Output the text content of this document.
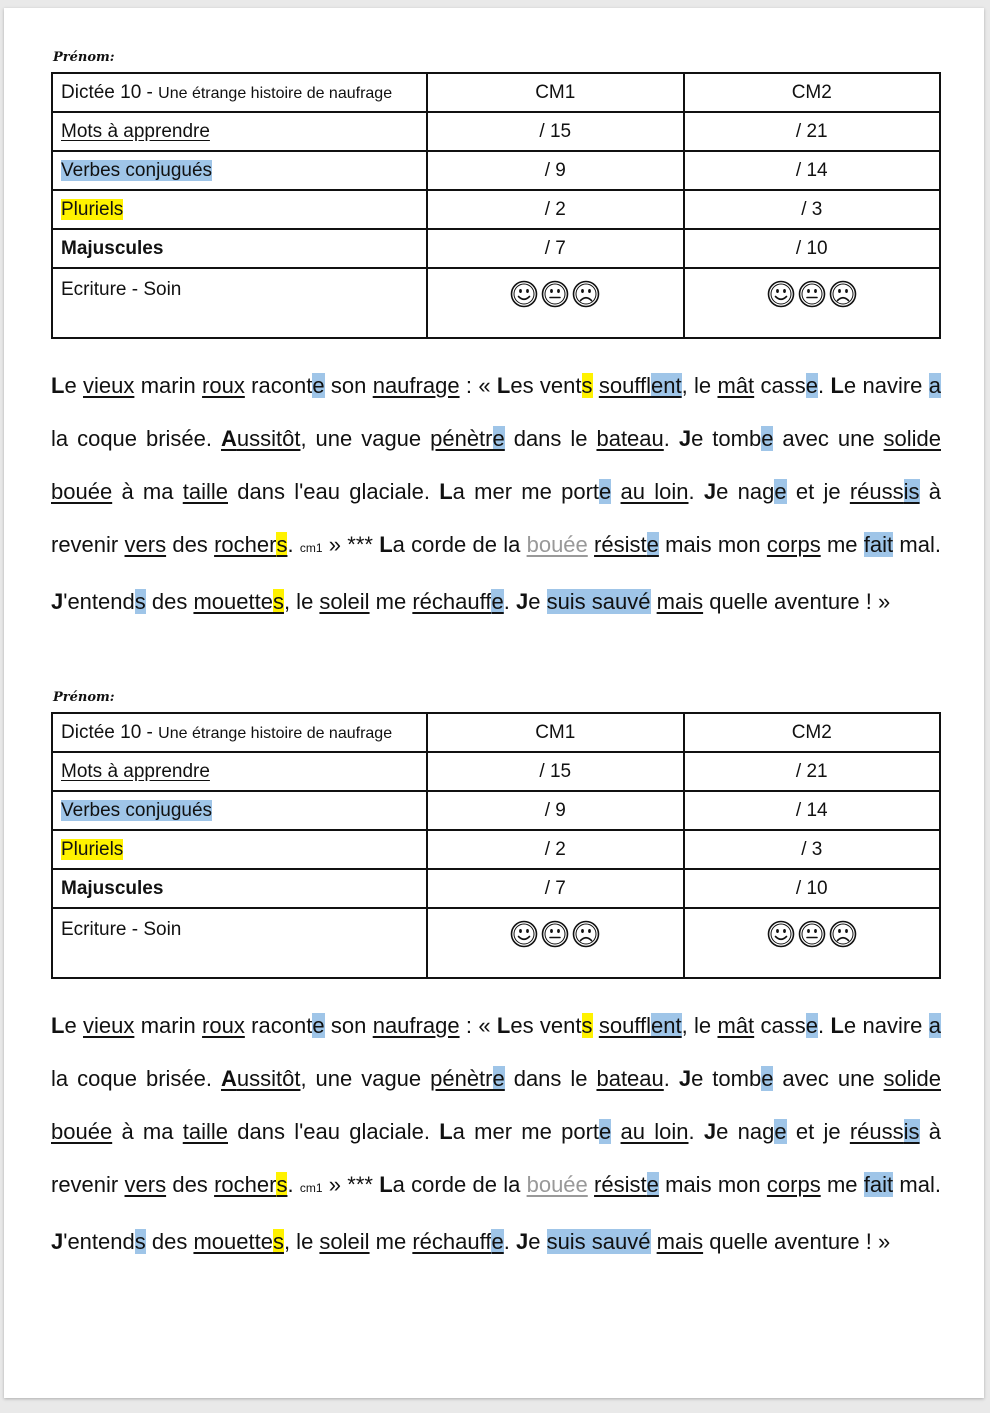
Prénom:
Dictée 10 - Une étrange histoire de naufrage	CM1	CM2
Mots à apprendre	/ 15	/ 21
Verbes conjugués	/ 9	/ 14
Pluriels	/ 2	/ 3
Majuscules	/ 7	/ 10
Ecriture - Soin	

Le vieux marin roux raconte son naufrage : « Les vents soufflent, le mât casse. Le navire a la coque brisée. Aussitôt, une vague pénètre dans le bateau. Je tombe avec une solide bouée à ma taille dans l'eau glaciale. La mer me porte au loin. Je nage et je réussis à revenir vers des rochers. cm1 » *** La corde de la bouée résiste mais mon corps me fait mal. J'entends des mouettes, le soleil me réchauffe. Je suis sauvé mais quelle aventure ! »
Prénom:
Dictée 10 - Une étrange histoire de naufrage	CM1	CM2
Mots à apprendre	/ 15	/ 21
Verbes conjugués	/ 9	/ 14
Pluriels	/ 2	/ 3
Majuscules	/ 7	/ 10
Ecriture - Soin	

Le vieux marin roux raconte son naufrage : « Les vents soufflent, le mât casse. Le navire a la coque brisée. Aussitôt, une vague pénètre dans le bateau. Je tombe avec une solide bouée à ma taille dans l'eau glaciale. La mer me porte au loin. Je nage et je réussis à revenir vers des rochers. cm1 » *** La corde de la bouée résiste mais mon corps me fait mal. J'entends des mouettes, le soleil me réchauffe. Je suis sauvé mais quelle aventure ! »
